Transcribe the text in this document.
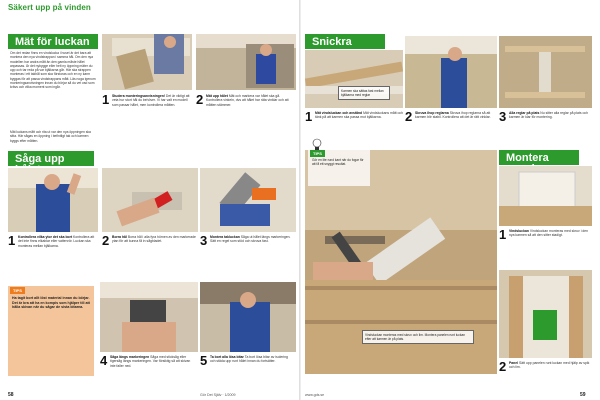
Säkert upp på vinden
Mät för luckan
Om det redan finns en vindslucka i huset är det bara att montera den nya vindstrappan i samma hål. Om den nya modellen har andra mått än den gamla måste hålet anpassas. Är det nybygge eller helt ny öppning mäter du upp och tar reda på var bjälkarna går. Här ska strappen monteras i ett takhål som ska förstoras och en ny karm byggas för att passa vindstrappans mått. Läs noga igenom monteringsanvisningen innan du börjar så du vet vad som krävs och vilka moment som ingår.
Mät luckans mått och rita ut var den nya öppningen ska sitta. Här sågas en öppning i befintligt tak och karmen byggs efter måtten.
1 Studera monteringsanvisningen! Det är viktigt att veta hur stort hål du behöver. Vi har valt en modell som passar hålet, men kontrollera måtten.	2 Mät upp hålet Mät och markera var hålet ska gå. Kontrollera vinkeln, dvs att hålet har räta vinklar och att måtten stämmer.
Såga upp
1 Kontrollera vilka ytor det ska bort Kontrollera att det inte finns elkablar eller vattenrör. Luckan ska monteras mellan bjälkarna.	2 Borra hål Borra hål i alla fyra hörnen av den markerade ytan för att kunna få in sågbladet.	3 Montera takluckan Såga ut hålet längs markeringen. Sätt en regel som stöd och skruva fast.
Ha tagit bort allt löst material innan du börjar. Det är bra att ha en kompis som hjälper till att hålla skivan när du sågar de sista bitarna.
TIPS
4 Såga längs markeringen Såga med sticksåg eller tigersåg längs markeringen. Var försiktig så att skivan inte faller ned.	5 Ta bort alla lösa bitar Ta bort lösa bitar av isolering och städa upp runt hålet innan du fortsätter.
58	Gör Det Själv · 1/2009
Snickra
Karmen ska sättas fast mellan bjälkarna med reglar
1 Mät vindsluckan och avstånd Mät vindsluckans mått och tänk på att karmen ska passa mot bjälkarna.	2 Skruva ihop reglarna Skruva ihop reglarna så att karmen blir stabil. Kontrollera att det är rätt vinklar. 3 Alla reglar på plats Nu sitter alla reglar på plats och karmen är klar för montering.
Gör en lite rund kant när du fogar för att få ett snyggt resultat.
TIPS
Vindsluckan monteras med skruv och lim. Montera panelen runt luckan efter att karmen är på plats.
Montera
1 Vindsluckan Vindsluckan monteras med skruv i den nya karmen så att den sitter stadigt.
2 Panel Sätt upp panelen runt luckan med hjälp av spik och lim.
www.gds.se	59
